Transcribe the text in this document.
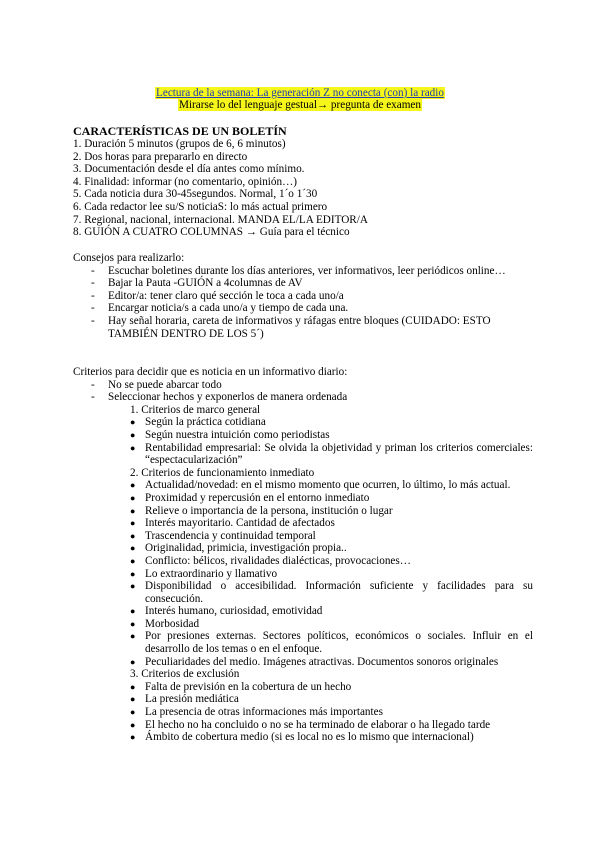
Lectura de la semana: La generación Z no conecta (con) la radio
Mirarse lo del lenguaje gestual→ pregunta de examen
CARACTERÍSTICAS DE UN BOLETÍN
1. Duración 5 minutos (grupos de 6, 6 minutos)
2. Dos horas para prepararlo en directo
3. Documentación desde el día antes como mínimo.
4. Finalidad: informar (no comentario, opinión…)
5. Cada noticia dura 30-45segundos. Normal, 1´o 1´30
6. Cada redactor lee su/S noticiaS: lo más actual primero
7. Regional, nacional, internacional. MANDA EL/LA EDITOR/A
8. GUIÓN A CUATRO COLUMNAS → Guía para el técnico
Consejos para realizarlo:
- Escuchar boletines durante los días anteriores, ver informativos, leer periódicos online…
- Bajar la Pauta -GUIÓN a 4columnas de AV
- Editor/a: tener claro qué sección le toca a cada uno/a
- Encargar noticia/s a cada uno/a y tiempo de cada una.
- Hay señal horaria, careta de informativos y ráfagas entre bloques (CUIDADO: ESTO TAMBIÉN DENTRO DE LOS 5´)
Criterios para decidir que es noticia en un informativo diario:
- No se puede abarcar todo
- Seleccionar hechos y exponerlos de manera ordenada
1. Criterios de marco general
● Según la práctica cotidiana
● Según nuestra intuición como periodistas
● Rentabilidad empresarial: Se olvida la objetividad y priman los criterios comerciales: “espectacularización”
2. Criterios de funcionamiento inmediato
● Actualidad/novedad: en el mismo momento que ocurren, lo último, lo más actual.
● Proximidad y repercusión en el entorno inmediato
● Relieve o importancia de la persona, institución o lugar
● Interés mayoritario. Cantidad de afectados
● Trascendencia y continuidad temporal
● Originalidad, primicia, investigación propia..
● Conflicto: bélicos, rivalidades dialécticas, provocaciones…
● Lo extraordinario y llamativo
● Disponibilidad o accesibilidad. Información suficiente y facilidades para su consecución.
● Interés humano, curiosidad, emotividad
● Morbosidad
● Por presiones externas. Sectores políticos, económicos o sociales. Influir en el desarrollo de los temas o en el enfoque.
● Peculiaridades del medio. Imágenes atractivas. Documentos sonoros originales
3. Criterios de exclusión
● Falta de previsión en la cobertura de un hecho
● La presión mediática
● La presencia de otras informaciones más importantes
● El hecho no ha concluido o no se ha terminado de elaborar o ha llegado tarde
● Ámbito de cobertura medio (si es local no es lo mismo que internacional)
